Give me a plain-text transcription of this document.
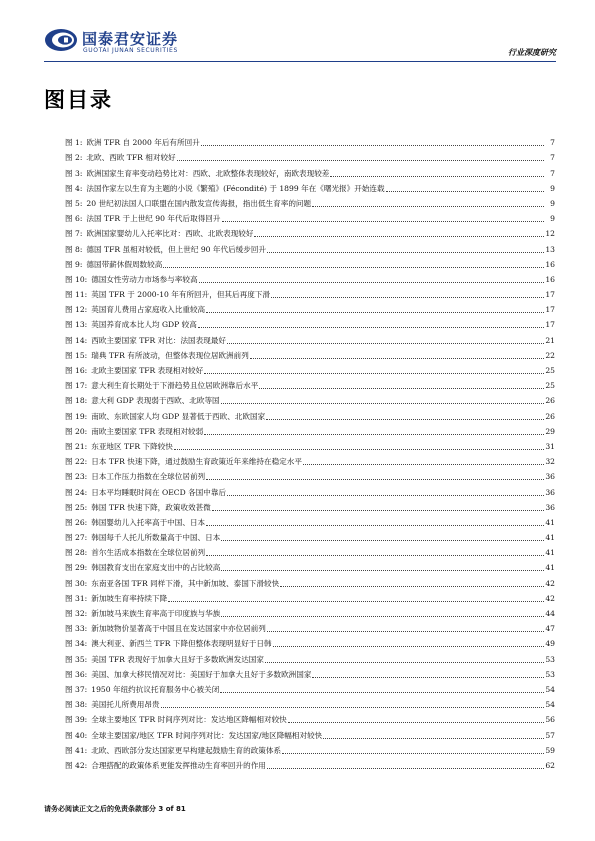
国泰君安证券
GUOTAI JUNAN SECURITIES	行业深度研究
图目录
图 1: 欧洲 TFR 自 2000 年后有所回升	7
图 2: 北欧、西欧 TFR 相对较好	7
图 3: 欧洲国家生育率变动趋势比对：西欧、北欧整体表现较好，南欧表现较差	7
图 4: 法国作家左以生育为主题的小说《繁殖》(Fécondité) 于 1899 年在《曙光报》开始连载	9
图 5: 20 世纪初法国人口联盟在国内散发宣传海报，指出低生育率的问题	9
图 6: 法国 TFR 于上世纪 90 年代后取得回升	9
图 7: 欧洲国家婴幼儿入托率比对：西欧、北欧表现较好	12
图 8: 德国 TFR 虽相对较低，但上世纪 90 年代后缓步回升	13
图 9: 德国带薪休假周数较高	16
图 10: 德国女性劳动力市场参与率较高	16
图 11: 英国 TFR 于 2000-10 年有所回升，但其后再度下滑	17
图 12: 英国育儿费用占家庭收入比重较高	17
图 13: 英国养育成本比人均 GDP 较高	17
图 14: 西欧主要国家 TFR 对比：法国表现最好	21
图 15: 瑞典 TFR 有所波动，但整体表现位居欧洲前列	22
图 16: 北欧主要国家 TFR 表现相对较好	25
图 17: 意大利生育长期处于下滑趋势且位居欧洲靠后水平	25
图 18: 意大利 GDP 表现弱于西欧、北欧等国	26
图 19: 南欧、东欧国家人均 GDP 显著低于西欧、北欧国家	26
图 20: 南欧主要国家 TFR 表现相对较弱	29
图 21: 东亚地区 TFR 下降较快	31
图 22: 日本 TFR 快速下降，通过鼓励生育政策近年来维持在稳定水平	32
图 23: 日本工作压力指数在全球位居前列	36
图 24: 日本平均睡眠时间在 OECD 各国中靠后	36
图 25: 韩国 TFR 快速下降，政策收效甚微	36
图 26: 韩国婴幼儿入托率高于中国、日本	41
图 27: 韩国每千人托儿所数量高于中国、日本	41
图 28: 首尔生活成本指数在全球位居前列	41
图 29: 韩国教育支出在家庭支出中的占比较高	41
图 30: 东南亚各国 TFR 同样下滑，其中新加坡、泰国下滑较快	42
图 31: 新加坡生育率持续下降	42
图 32: 新加坡马来族生育率高于印度族与华族	44
图 33: 新加坡物价显著高于中国且在发达国家中亦位居前列	47
图 34: 澳大利亚、新西兰 TFR 下降但整体表现明显好于日韩	49
图 35: 美国 TFR 表现好于加拿大且好于多数欧洲发达国家	53
图 36: 美国、加拿大移民情况对比：美国好于加拿大且好于多数欧洲国家	53
图 37: 1950 年纽约抗议托育服务中心被关闭	54
图 38: 美国托儿所费用昂贵	54
图 39: 全球主要地区 TFR 时间序列对比：发达地区降幅相对较快	56
图 40: 全球主要国家/地区 TFR 时间序列对比：发达国家/地区降幅相对较快	57
图 41: 北欧、西欧部分发达国家更早构建起鼓励生育的政策体系	59
图 42: 合理搭配的政策体系更能发挥推动生育率回升的作用	62
请务必阅读正文之后的免责条款部分 3 of 81
